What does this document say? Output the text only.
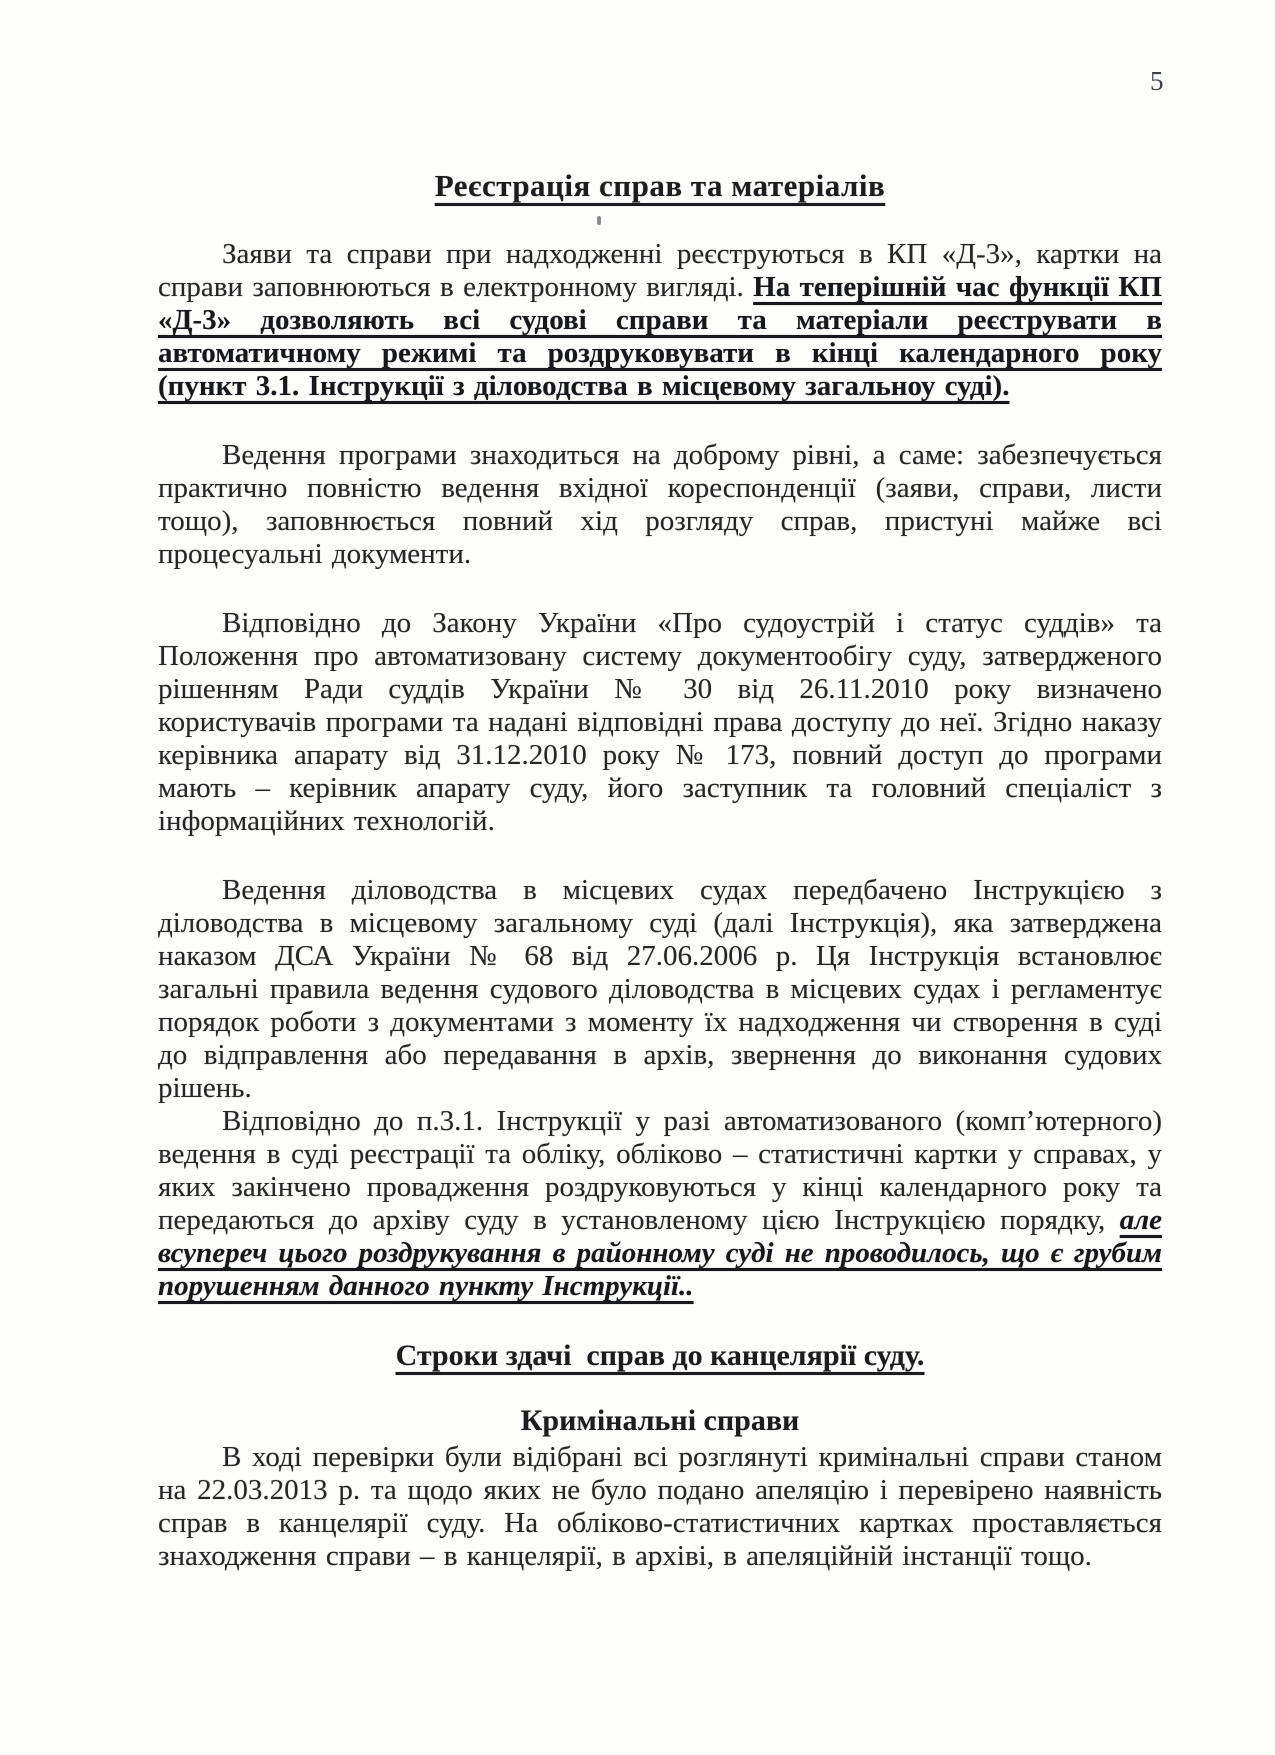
5
Реєстрація справ та матеріалів

Заяви та справи при надходженні реєструються в КП «Д-3», картки на справи заповнюються в електронному вигляді. На теперішній час функції КП «Д-3» дозволяють всі судові справи та матеріали реєструвати в автоматичному режимі та роздруковувати в кінці календарного року (пункт 3.1. Інструкції з діловодства в місцевому загальноу суді).

Ведення програми знаходиться на доброму рівні, а саме: забезпечується практично повністю ведення вхідної кореспонденції (заяви, справи, листи тощо), заповнюється повний хід розгляду справ, пристуні майже всі процесуальні документи.

Відповідно до Закону України «Про судоустрій і статус суддів» та Положення про автоматизовану систему документообігу суду, затвердженого рішенням Ради суддів України № 30 від 26.11.2010 року визначено користувачів програми та надані відповідні права доступу до неї. Згідно наказу керівника апарату від 31.12.2010 року № 173, повний доступ до програми мають – керівник апарату суду, його заступник та головний спеціаліст з інформаційних технологій.

Ведення діловодства в місцевих судах передбачено Інструкцією з діловодства в місцевому загальному суді (далі Інструкція), яка затверджена наказом ДСА України № 68 від 27.06.2006 р. Ця Інструкція встановлює загальні правила ведення судового діловодства в місцевих судах і регламентує порядок роботи з документами з моменту їх надходження чи створення в суді до відправлення або передавання в архів, звернення до виконання судових рішень.

Відповідно до п.3.1. Інструкції у разі автоматизованого (комп’ютерного) ведення в суді реєстрації та обліку, обліково – статистичні картки у справах, у яких закінчено провадження роздруковуються у кінці календарного року та передаються до архіву суду в установленому цією Інструкцією порядку, але всупереч цього роздрукування в районному суді не проводилось, що є грубим порушенням данного пункту Інструкції..

Строки здачі  справ до канцелярії суду.
Кримінальні справи

В ході перевірки були відібрані всі розглянуті кримінальні справи станом на 22.03.2013 р. та щодо яких не було подано апеляцію і перевірено наявність справ в канцелярії суду. На обліково-статистичних картках проставляється знаходження справи – в канцелярії, в архіві, в апеляційній інстанції тощо.
